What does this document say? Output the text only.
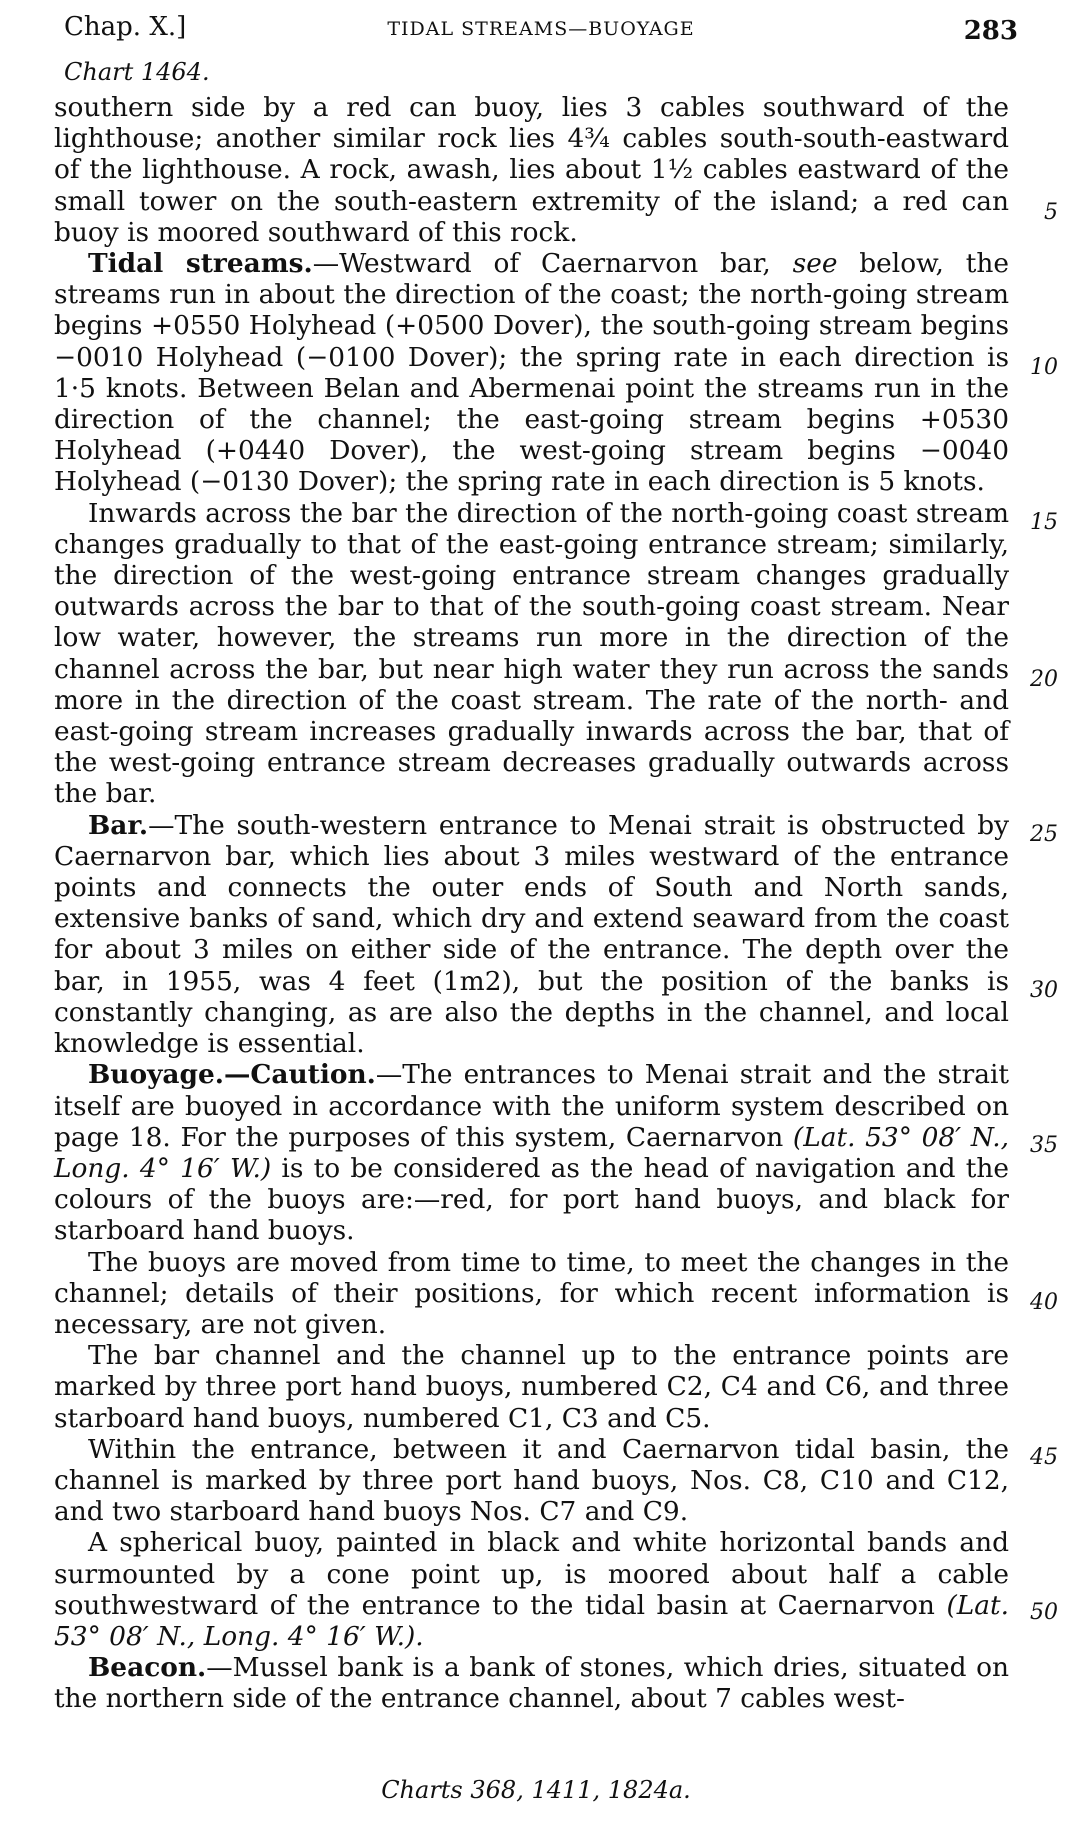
Chap. X.]	TIDAL STREAMS—BUOYAGE	283
Chart 1464.

southern side by a red can buoy, lies 3 cables southward of the lighthouse; another similar rock lies 4¾ cables south-south-eastward of the lighthouse. A rock, awash, lies about 1½ cables eastward of the small tower on the south-eastern extremity of the island; a red can buoy is moored southward of this rock.

Tidal streams.—Westward of Caernarvon bar, see below, the streams run in about the direction of the coast; the north-going stream begins +0550 Holyhead (+0500 Dover), the south-going stream begins −0010 Holyhead (−0100 Dover); the spring rate in each direction is 1·5 knots. Between Belan and Abermenai point the streams run in the direction of the channel; the east-going stream begins +0530 Holyhead (+0440 Dover), the west-going stream begins −0040 Holyhead (−0130 Dover); the spring rate in each direction is 5 knots.

Inwards across the bar the direction of the north-going coast stream changes gradually to that of the east-going entrance stream; similarly, the direction of the west-going entrance stream changes gradually outwards across the bar to that of the south-going coast stream. Near low water, however, the streams run more in the direction of the channel across the bar, but near high water they run across the sands more in the direction of the coast stream. The rate of the north- and east-going stream increases gradually inwards across the bar, that of the west-going entrance stream decreases gradually outwards across the bar.

Bar.—The south-western entrance to Menai strait is obstructed by Caernarvon bar, which lies about 3 miles westward of the entrance points and connects the outer ends of South and North sands, extensive banks of sand, which dry and extend seaward from the coast for about 3 miles on either side of the entrance. The depth over the bar, in 1955, was 4 feet (1m2), but the position of the banks is constantly changing, as are also the depths in the channel, and local knowledge is essential.

Buoyage.—Caution.—The entrances to Menai strait and the strait itself are buoyed in accordance with the uniform system described on page 18. For the purposes of this system, Caernarvon (Lat. 53° 08′ N., Long. 4° 16′ W.) is to be considered as the head of navigation and the colours of the buoys are:—red, for port hand buoys, and black for starboard hand buoys.

The buoys are moved from time to time, to meet the changes in the channel; details of their positions, for which recent information is necessary, are not given.

The bar channel and the channel up to the entrance points are marked by three port hand buoys, numbered C2, C4 and C6, and three starboard hand buoys, numbered C1, C3 and C5.

Within the entrance, between it and Caernarvon tidal basin, the channel is marked by three port hand buoys, Nos. C8, C10 and C12, and two starboard hand buoys Nos. C7 and C9.

A spherical buoy, painted in black and white horizontal bands and surmounted by a cone point up, is moored about half a cable southwestward of the entrance to the tidal basin at Caernarvon (Lat. 53° 08′ N., Long. 4° 16′ W.).

Beacon.—Mussel bank is a bank of stones, which dries, situated on the northern side of the entrance channel, about 7 cables west-

5
10
15
20
25
30
35
40
45
50
Charts 368, 1411, 1824a.
